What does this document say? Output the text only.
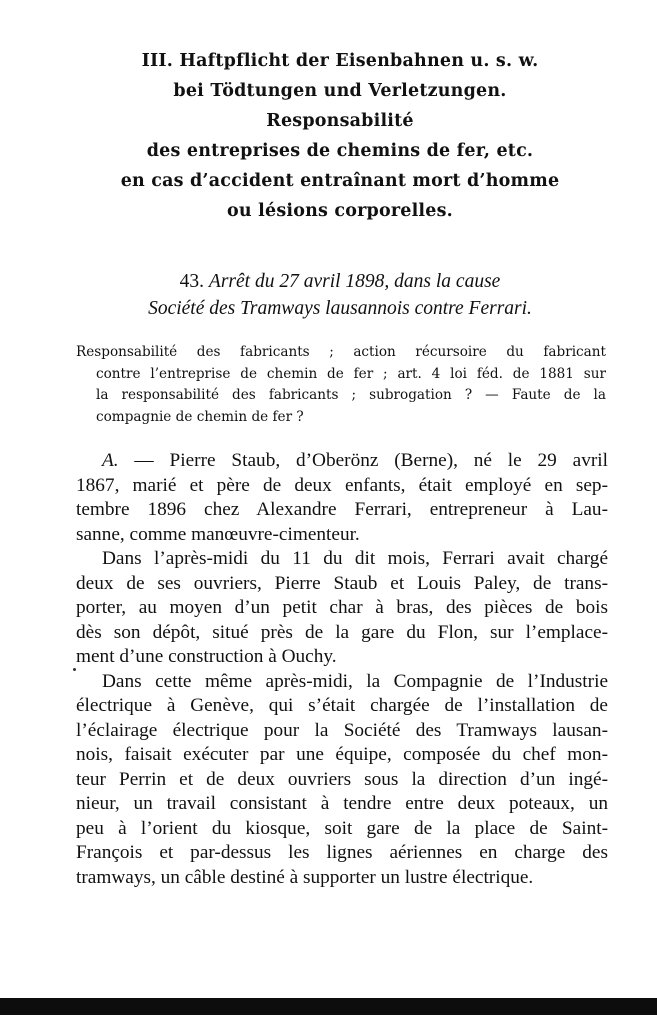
III. Haftpflicht der Eisenbahnen u. s. w.
bei Tödtungen und Verletzungen.
Responsabilité
des entreprises de chemins de fer, etc.
en cas d’accident entraînant mort d’homme
ou lésions corporelles.
43. Arrêt du 27 avril 1898, dans la cause
Société des Tramways lausannois contre Ferrari.
Responsabilité des fabricants ; action récursoire du fabricant
contre l’entreprise de chemin de fer ; art. 4 loi féd. de 1881 sur
la responsabilité des fabricants ; subrogation ? — Faute de la
compagnie de chemin de fer ?
A. — Pierre Staub, d’Oberönz (Berne), né le 29 avril
1867, marié et père de deux enfants, était employé en sep-
tembre 1896 chez Alexandre Ferrari, entrepreneur à Lau-
sanne, comme manœuvre-cimenteur.
Dans l’après-midi du 11 du dit mois, Ferrari avait chargé
deux de ses ouvriers, Pierre Staub et Louis Paley, de trans-
porter, au moyen d’un petit char à bras, des pièces de bois
dès son dépôt, situé près de la gare du Flon, sur l’emplace-
ment d’une construction à Ouchy.
Dans cette même après-midi, la Compagnie de l’Industrie
électrique à Genève, qui s’était chargée de l’installation de
l’éclairage électrique pour la Société des Tramways lausan-
nois, faisait exécuter par une équipe, composée du chef mon-
teur Perrin et de deux ouvriers sous la direction d’un ingé-
nieur, un travail consistant à tendre entre deux poteaux, un
peu à l’orient du kiosque, soit gare de la place de Saint-
François et par-dessus les lignes aériennes en charge des
tramways, un câble destiné à supporter un lustre électrique.
